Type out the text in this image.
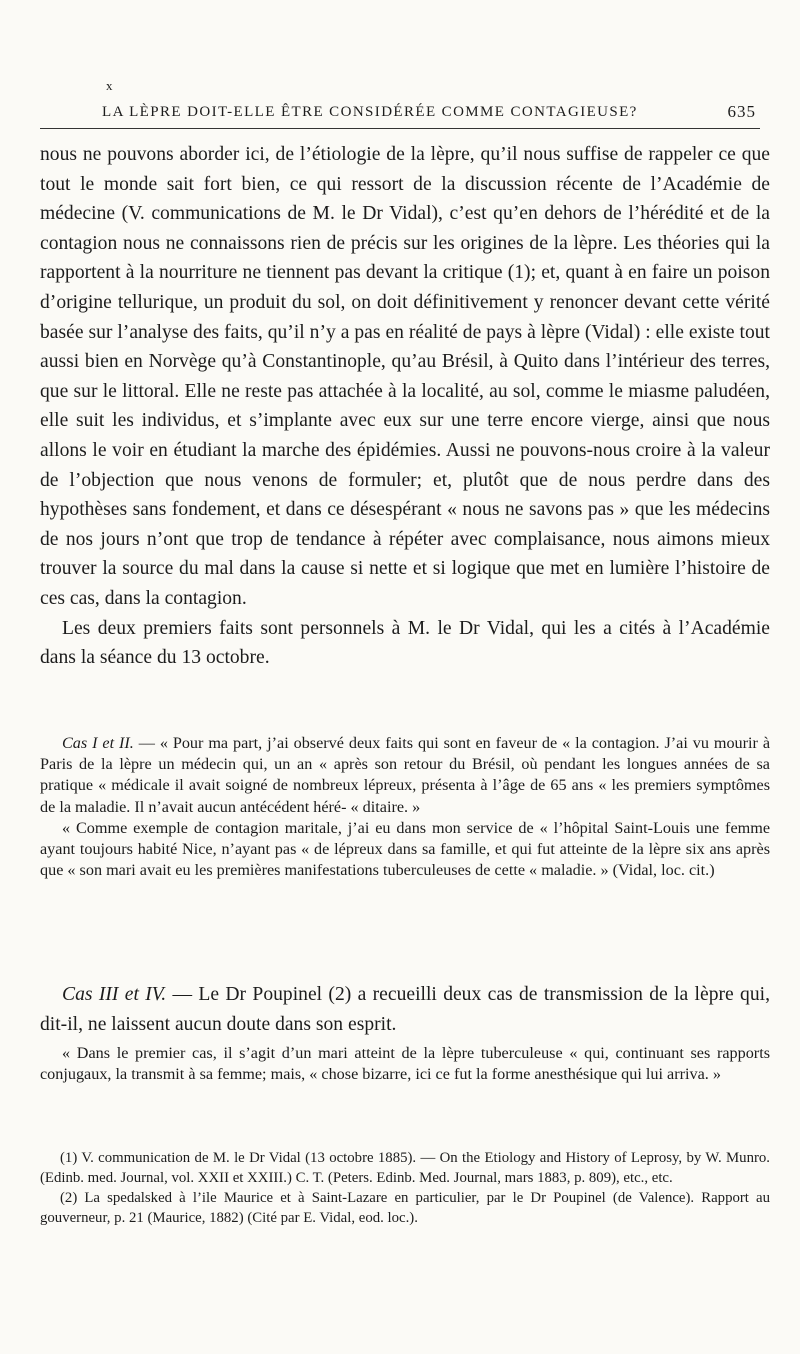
x
LA LÈPRE DOIT-ELLE ÊTRE CONSIDÉRÉE COMME CONTAGIEUSE?	635

nous ne pouvons aborder ici, de l’étiologie de la lèpre, qu’il nous suffise de rappeler ce que tout le monde sait fort bien, ce qui ressort de la discussion récente de l’Académie de médecine (V. communications de M. le Dr Vidal), c’est qu’en dehors de l’hérédité et de la contagion nous ne connaissons rien de précis sur les origines de la lèpre. Les théories qui la rapportent à la nourriture ne tiennent pas devant la critique (1); et, quant à en faire un poison d’origine tellurique, un produit du sol, on doit définitivement y renoncer devant cette vérité basée sur l’analyse des faits, qu’il n’y a pas en réalité de pays à lèpre (Vidal) : elle existe tout aussi bien en Norvège qu’à Constantinople, qu’au Brésil, à Quito dans l’intérieur des terres, que sur le littoral. Elle ne reste pas attachée à la localité, au sol, comme le miasme paludéen, elle suit les individus, et s’implante avec eux sur une terre encore vierge, ainsi que nous allons le voir en étudiant la marche des épidémies. Aussi ne pouvons-nous croire à la valeur de l’objection que nous venons de formuler; et, plutôt que de nous perdre dans des hypothèses sans fondement, et dans ce désespérant « nous ne savons pas » que les médecins de nos jours n’ont que trop de tendance à répéter avec complaisance, nous aimons mieux trouver la source du mal dans la cause si nette et si logique que met en lumière l’histoire de ces cas, dans la contagion.

Les deux premiers faits sont personnels à M. le Dr Vidal, qui les a cités à l’Académie dans la séance du 13 octobre.

Cas I et II. — « Pour ma part, j’ai observé deux faits qui sont en faveur de « la contagion. J’ai vu mourir à Paris de la lèpre un médecin qui, un an « après son retour du Brésil, où pendant les longues années de sa pratique « médicale il avait soigné de nombreux lépreux, présenta à l’âge de 65 ans « les premiers symptômes de la maladie. Il n’avait aucun antécédent héré- « ditaire. »

« Comme exemple de contagion maritale, j’ai eu dans mon service de « l’hôpital Saint-Louis une femme ayant toujours habité Nice, n’ayant pas « de lépreux dans sa famille, et qui fut atteinte de la lèpre six ans après que « son mari avait eu les premières manifestations tuberculeuses de cette « maladie. » (Vidal, loc. cit.)

Cas III et IV. — Le Dr Poupinel (2) a recueilli deux cas de transmission de la lèpre qui, dit-il, ne laissent aucun doute dans son esprit.

« Dans le premier cas, il s’agit d’un mari atteint de la lèpre tuberculeuse « qui, continuant ses rapports conjugaux, la transmit à sa femme; mais, « chose bizarre, ici ce fut la forme anesthésique qui lui arriva. »

(1) V. communication de M. le Dr Vidal (13 octobre 1885). — On the Etiology and History of Leprosy, by W. Munro. (Edinb. med. Journal, vol. XXII et XXIII.) C. T. (Peters. Edinb. Med. Journal, mars 1883, p. 809), etc., etc.

(2) La spedalsked à l’ile Maurice et à Saint-Lazare en particulier, par le Dr Poupinel (de Valence). Rapport au gouverneur, p. 21 (Maurice, 1882) (Cité par E. Vidal, eod. loc.).
